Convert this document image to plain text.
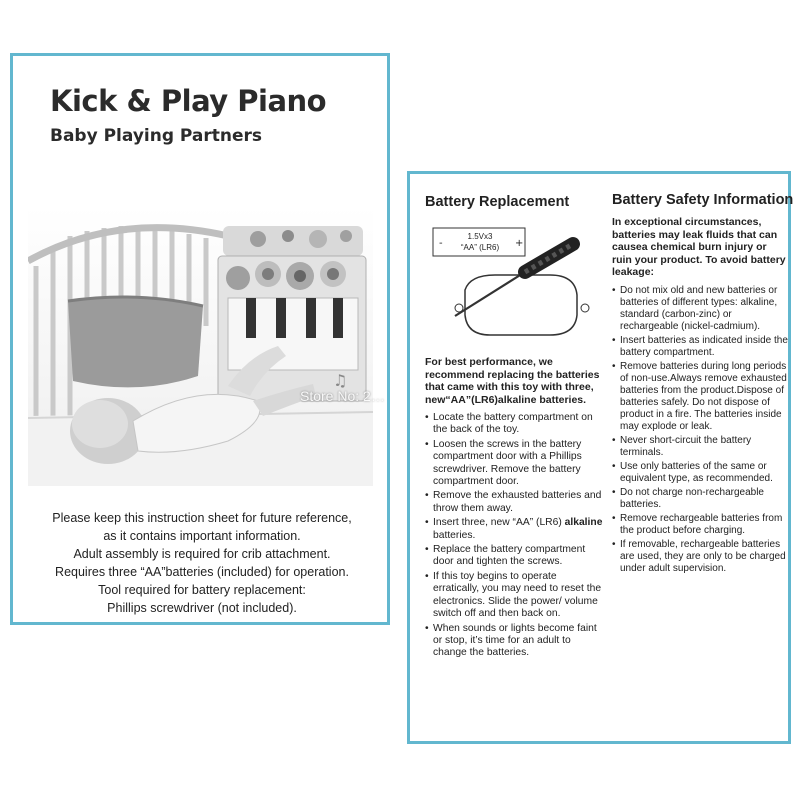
Kick & Play Piano
Baby Playing Partners
♫
Please keep this instruction sheet for future reference,
as it contains important information.
Adult assembly is required for crib attachment.
Requires three “AA”batteries (included) for operation.
Tool required for battery replacement:
Phillips screwdriver (not included).
Battery Replacement
-	+
1.5Vx3
“AA” (LR6)

For best performance, we recommend replacing the batteries that came with this toy with three, new“AA”(LR6)alkaline batteries.

• Locate the battery compartment on the back of the toy.
• Loosen the screws in the battery compartment door with a Phillips screwdriver. Remove the battery compartment door.
• Remove the exhausted batteries and throw them away.
• Insert three, new “AA” (LR6) alkaline batteries.
• Replace the battery compartment door and tighten the screws.
• If this toy begins to operate erratically, you may need to reset the electronics. Slide the power/ volume switch off and then back on.
• When sounds or lights become faint or stop, it’s time for an adult to change the batteries.
Battery Safety Information

In exceptional circumstances, batteries may leak fluids that can causea chemical burn injury or ruin your product. To avoid battery leakage:

• Do not mix old and new batteries or batteries of different types: alkaline, standard (carbon-zinc) or rechargeable (nickel-cadmium).
• Insert batteries as indicated inside the battery compartment.
• Remove batteries during long periods of non-use.Always remove exhausted batteries from the product.Dispose of batteries safely. Do not dispose of product in a fire. The batteries inside may explode or leak.
• Never short-circuit the battery terminals.
• Use only batteries of the same or equivalent type, as recommended.
• Do not charge non-rechargeable batteries.
• Remove rechargeable batteries from the product before charging.
• If removable, rechargeable batteries are used, they are only to be charged under adult supervision.
Store No: 2…
